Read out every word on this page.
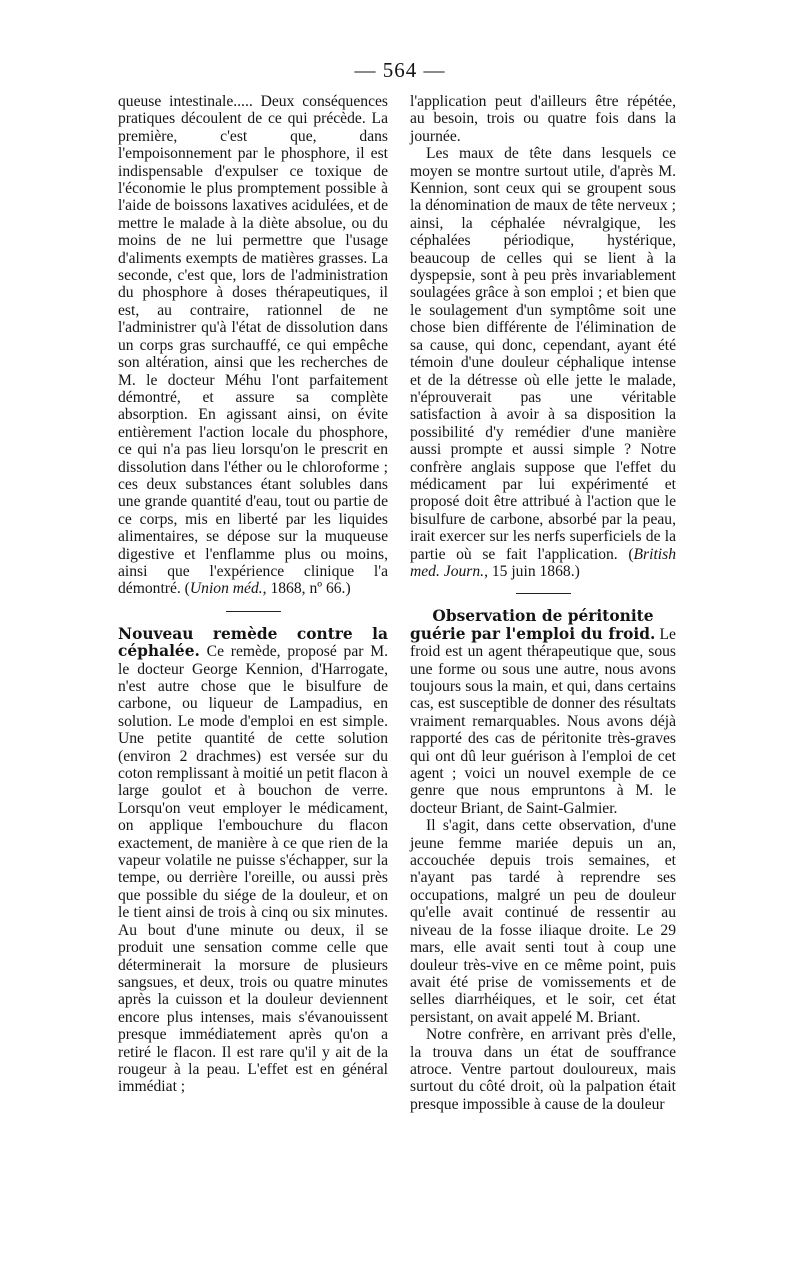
— 564 —

queuse intestinale..... Deux conséquences pratiques découlent de ce qui précède. La première, c'est que, dans l'empoisonnement par le phosphore, il est indispensable d'expulser ce toxique de l'économie le plus promptement possible à l'aide de boissons laxatives acidulées, et de mettre le malade à la diète absolue, ou du moins de ne lui permettre que l'usage d'aliments exempts de matières grasses. La seconde, c'est que, lors de l'administration du phosphore à doses thérapeutiques, il est, au contraire, rationnel de ne l'administrer qu'à l'état de dissolution dans un corps gras surchauffé, ce qui empêche son altération, ainsi que les recherches de M. le docteur Méhu l'ont parfaitement démontré, et assure sa complète absorption. En agissant ainsi, on évite entièrement l'action locale du phosphore, ce qui n'a pas lieu lorsqu'on le prescrit en dissolution dans l'éther ou le chloroforme ; ces deux substances étant solubles dans une grande quantité d'eau, tout ou partie de ce corps, mis en liberté par les liquides alimentaires, se dépose sur la muqueuse digestive et l'enflamme plus ou moins, ainsi que l'expérience clinique l'a démontré. (Union méd., 1868, nº 66.)

Nouveau remède contre la céphalée. Ce remède, proposé par M. le docteur George Kennion, d'Harrogate, n'est autre chose que le bisulfure de carbone, ou liqueur de Lampadius, en solution. Le mode d'emploi en est simple. Une petite quantité de cette solution (environ 2 drachmes) est versée sur du coton remplissant à moitié un petit flacon à large goulot et à bouchon de verre. Lorsqu'on veut employer le médicament, on applique l'embouchure du flacon exactement, de manière à ce que rien de la vapeur volatile ne puisse s'échapper, sur la tempe, ou derrière l'oreille, ou aussi près que possible du siége de la douleur, et on le tient ainsi de trois à cinq ou six minutes. Au bout d'une minute ou deux, il se produit une sensation comme celle que déterminerait la morsure de plusieurs sangsues, et deux, trois ou quatre minutes après la cuisson et la douleur deviennent encore plus intenses, mais s'évanouissent presque immédiatement après qu'on a retiré le flacon. Il est rare qu'il y ait de la rougeur à la peau. L'effet est en général immédiat ;

l'application peut d'ailleurs être répétée, au besoin, trois ou quatre fois dans la journée.

Les maux de tête dans lesquels ce moyen se montre surtout utile, d'après M. Kennion, sont ceux qui se groupent sous la dénomination de maux de tête nerveux ; ainsi, la céphalée névralgique, les céphalées périodique, hystérique, beaucoup de celles qui se lient à la dyspepsie, sont à peu près invariablement soulagées grâce à son emploi ; et bien que le soulagement d'un symptôme soit une chose bien différente de l'élimination de sa cause, qui donc, cependant, ayant été témoin d'une douleur céphalique intense et de la détresse où elle jette le malade, n'éprouverait pas une véritable satisfaction à avoir à sa disposition la possibilité d'y remédier d'une manière aussi prompte et aussi simple ? Notre confrère anglais suppose que l'effet du médicament par lui expérimenté et proposé doit être attribué à l'action que le bisulfure de carbone, absorbé par la peau, irait exercer sur les nerfs superficiels de la partie où se fait l'application. (British med. Journ., 15 juin 1868.)

Observation de péritonite
guérie par l'emploi du froid. Le froid est un agent thérapeutique que, sous une forme ou sous une autre, nous avons toujours sous la main, et qui, dans certains cas, est susceptible de donner des résultats vraiment remarquables. Nous avons déjà rapporté des cas de péritonite très-graves qui ont dû leur guérison à l'emploi de cet agent ; voici un nouvel exemple de ce genre que nous empruntons à M. le docteur Briant, de Saint-Galmier.

Il s'agit, dans cette observation, d'une jeune femme mariée depuis un an, accouchée depuis trois semaines, et n'ayant pas tardé à reprendre ses occupations, malgré un peu de douleur qu'elle avait continué de ressentir au niveau de la fosse iliaque droite. Le 29 mars, elle avait senti tout à coup une douleur très-vive en ce même point, puis avait été prise de vomissements et de selles diarrhéiques, et le soir, cet état persistant, on avait appelé M. Briant.

Notre confrère, en arrivant près d'elle, la trouva dans un état de souffrance atroce. Ventre partout douloureux, mais surtout du côté droit, où la palpation était presque impossible à cause de la douleur
